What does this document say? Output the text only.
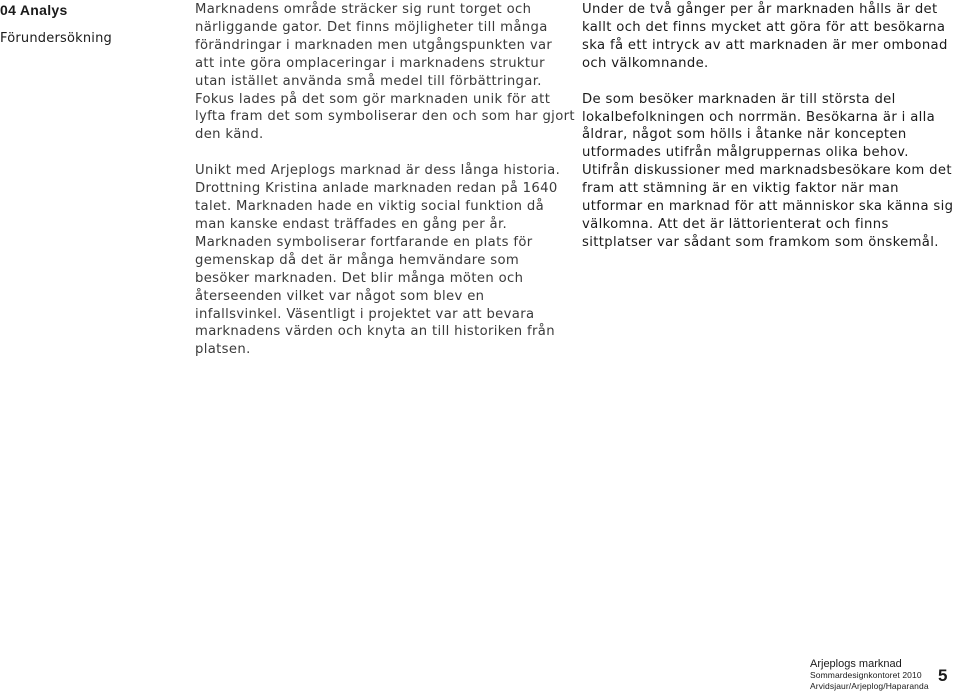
04 Analys
Förundersökning

Marknadens område sträcker sig runt torget och närliggande gator. Det finns möjligheter till många förändringar i marknaden men utgångspunkten var att inte göra omplaceringar i marknadens struktur utan istället använda små medel till förbättringar. Fokus lades på det som gör marknaden unik för att lyfta fram det som symboliserar den och som har gjort den känd.

Unikt med Arjeplogs marknad är dess långa historia. Drottning Kristina anlade marknaden redan på 1640 talet. Marknaden hade en viktig social funktion då man kanske endast träffades en gång per år. Marknaden symboliserar fortfarande en plats för gemenskap då det är många hemvändare som besöker marknaden. Det blir många möten och återseenden vilket var något som blev en infallsvinkel. Väsentligt i projektet var att bevara marknadens värden och knyta an till historiken från platsen.

Under de två gånger per år marknaden hålls är det kallt och det finns mycket att göra för att besökarna ska få ett intryck av att marknaden är mer ombonad och välkomnande.

De som besöker marknaden är till största del lokalbefolkningen och norrmän. Besökarna är i alla åldrar, något som hölls i åtanke när koncepten utformades utifrån målgruppernas olika behov. Utifrån diskussioner med marknadsbesökare kom det fram att stämning är en viktig faktor när man utformar en marknad för att människor ska känna sig välkomna. Att det är lättorienterat och finns sittplatser var sådant som framkom som önskemål.

Arjeplogs marknad
Sommardesignkontoret 2010
Arvidsjaur/Arjeplog/Haparanda
5
